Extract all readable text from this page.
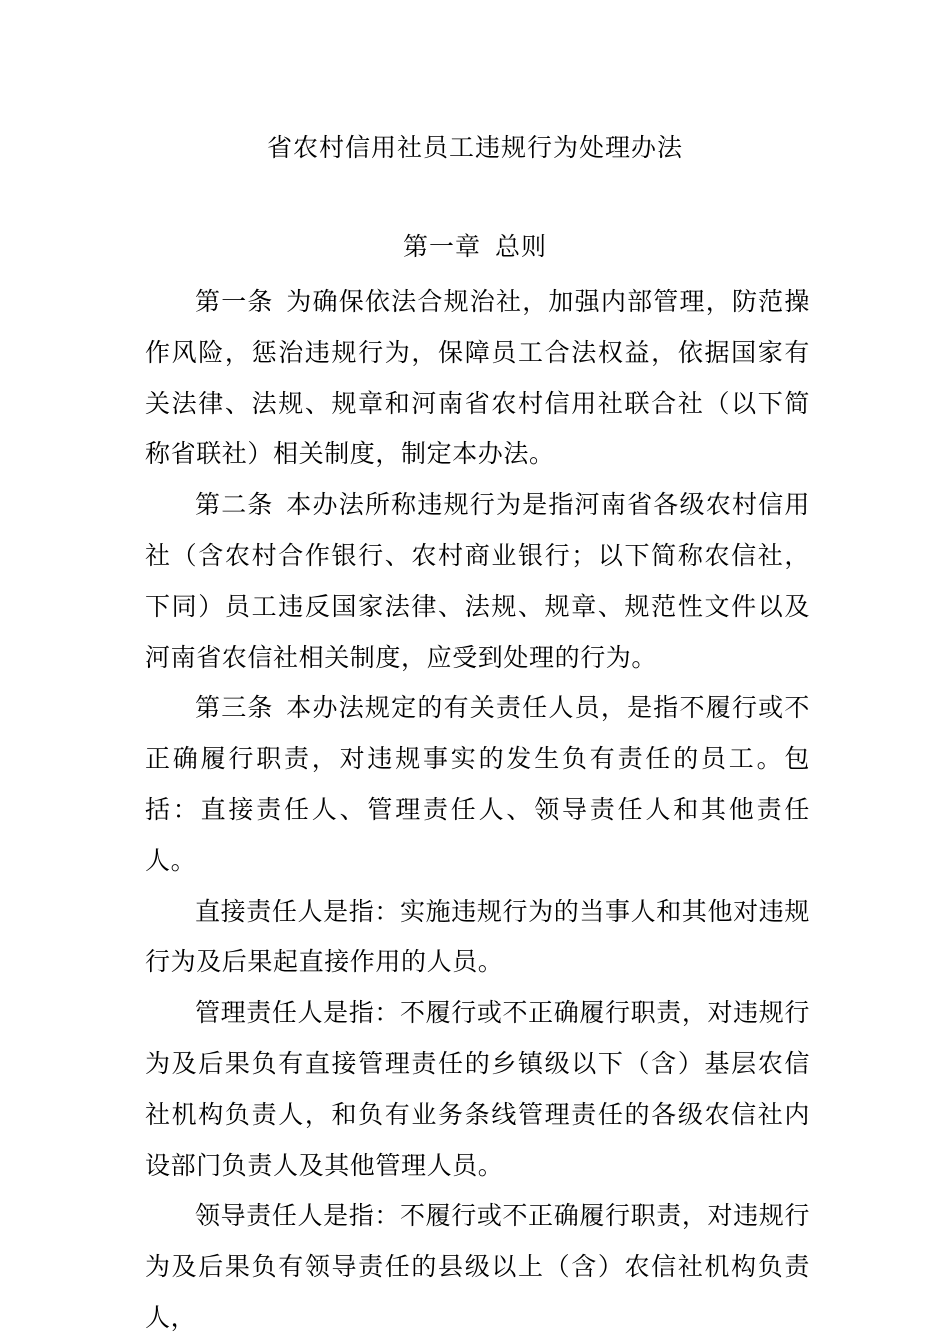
省农村信用社员工违规行为处理办法
第一章 总则

第一条 为确保依法合规治社，加强内部管理，防范操作风险，惩治违规行为，保障员工合法权益，依据国家有关法律、法规、规章和河南省农村信用社联合社（以下简称省联社）相关制度，制定本办法。

第二条 本办法所称违规行为是指河南省各级农村信用社（含农村合作银行、农村商业银行；以下简称农信社，下同）员工违反国家法律、法规、规章、规范性文件以及河南省农信社相关制度，应受到处理的行为。

第三条 本办法规定的有关责任人员，是指不履行或不正确履行职责，对违规事实的发生负有责任的员工。包括：直接责任人、管理责任人、领导责任人和其他责任人。

直接责任人是指：实施违规行为的当事人和其他对违规行为及后果起直接作用的人员。

管理责任人是指：不履行或不正确履行职责，对违规行为及后果负有直接管理责任的乡镇级以下（含）基层农信社机构负责人，和负有业务条线管理责任的各级农信社内设部门负责人及其他管理人员。

领导责任人是指：不履行或不正确履行职责，对违规行为及后果负有领导责任的县级以上（含）农信社机构负责人，
